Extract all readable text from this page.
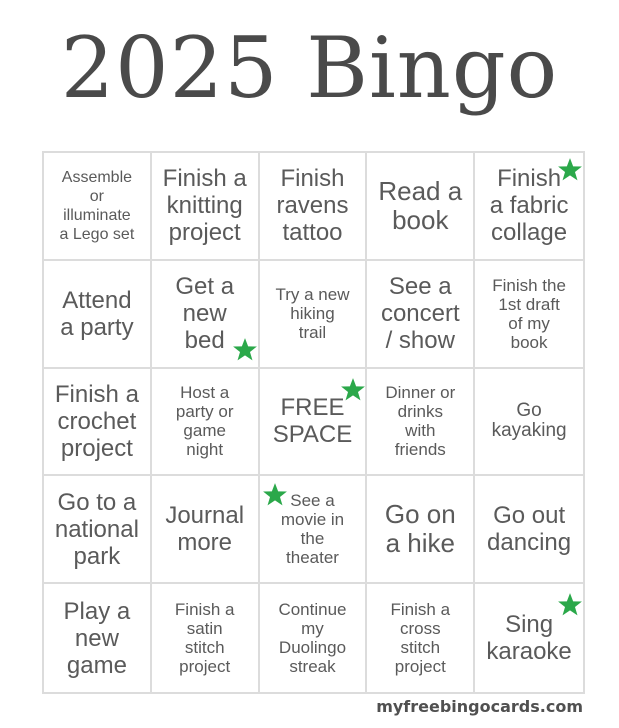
2025 Bingo
Assemble
or
illuminate
a Lego set
Finish a
knitting
project
Finish
ravens
tattoo
Read a
book
Finish
a fabric
collage
Attend
a party
Get a
new
bed
Try a new
hiking
trail
See a
concert
/ show
Finish the
1st draft
of my
book
Finish a
crochet
project
Host a
party or
game
night
FREE
SPACE
Dinner or
drinks
with
friends
Go
kayaking
Go to a
national
park
Journal
more
See a
movie in
the
theater
Go on
a hike
Go out
dancing
Play a
new
game
Finish a
satin
stitch
project
Continue
my
Duolingo
streak
Finish a
cross
stitch
project
Sing
karaoke
myfreebingocards.com
